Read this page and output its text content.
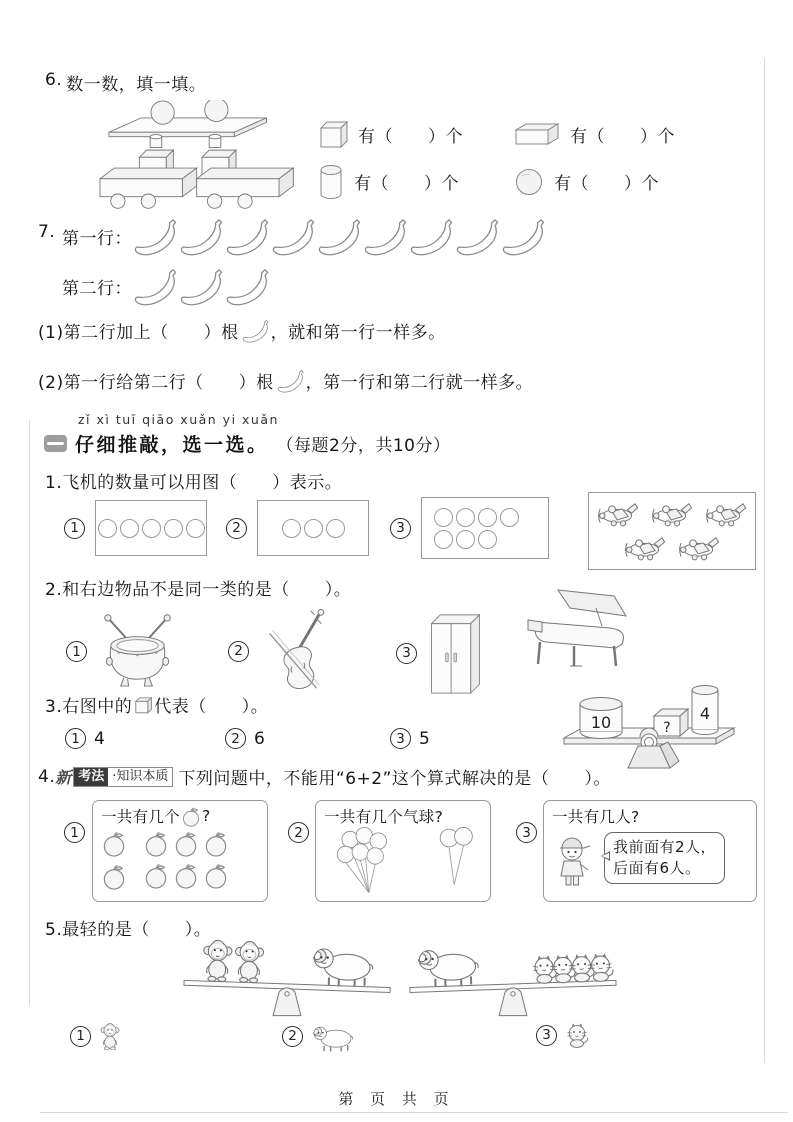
6. 数一数，填一填。
有（　　）个	有（　　）个
有（　　）个	有（　　）个
7. 第一行：
第二行：
(1)第二行加上（　　）根 ，就和第一行一样多。
(2)第一行给第二行（　　）根 ，第一行和第二行就一样多。
zǐ xì tuī qiāo xuǎn yi xuǎn
仔细推敲，选一选。 （每题2分，共10分）
1.飞机的数量可以用图（　　）表示。
1	2	3
2.和右边物品不是同一类的是（　　）。
1	2	3
3.右图中的 代表（　　）。
1 4	2 6	3 5
10	?
4
4. 新 考法 ·知识本质 下列问题中，不能用“6+2”这个算式解决的是（　　）。
1
一共有几个 ?
2
一共有几个气球?
3
一共有几人?
我前面有2人，
后面有6人。
5.最轻的是（　　）。
1	2	3
第 页 共 页
